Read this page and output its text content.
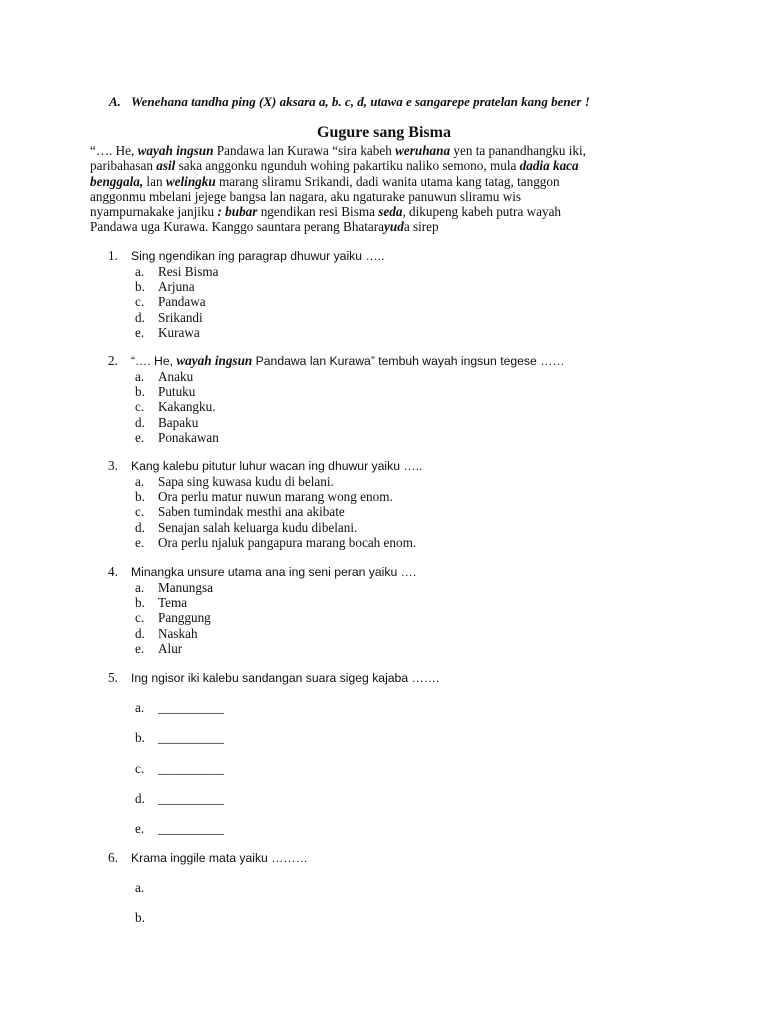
A. Wenehana tandha ping (X) aksara a, b. c, d, utawa e sangarepe pratelan kang bener !
Gugure sang Bisma
“…. He, wayah ingsun Pandawa lan Kurawa “sira kabeh weruhana yen ta panandhangku iki,
paribahasan asil saka anggonku ngunduh wohing pakartiku naliko semono, mula dadia kaca
benggala, lan welingku marang sliramu Srikandi, dadi wanita utama kang tatag, tanggon
anggonmu mbelani jejege bangsa lan nagara, aku ngaturake panuwun sliramu wis
nyampurnakake janjiku : bubar ngendikan resi Bisma seda, dikupeng kabeh putra wayah
Pandawa uga Kurawa. Kanggo sauntara perang Bhatarayuda sirep
1. Sing ngendikan ing paragrap dhuwur yaiku …..
a. Resi Bisma
b. Arjuna
c. Pandawa
d. Srikandi
e. Kurawa
2. “…. He, wayah ingsun Pandawa lan Kurawa” tembuh wayah ingsun tegese ……
a. Anaku
b. Putuku
c. Kakangku.
d. Bapaku
e. Ponakawan
3. Kang kalebu pitutur luhur wacan ing dhuwur yaiku …..
a. Sapa sing kuwasa kudu di belani.
b. Ora perlu matur nuwun marang wong enom.
c. Saben tumindak mesthi ana akibate
d. Senajan salah keluarga kudu dibelani.
e. Ora perlu njaluk pangapura marang bocah enom.
4. Minangka unsure utama ana ing seni peran yaiku ….
a. Manungsa
b. Tema
c. Panggung
d. Naskah
e. Alur
5. Ing ngisor iki kalebu sandangan suara sigeg kajaba …….
a. __________
b. __________
c. __________
d. __________
e. __________
6. Krama inggile mata yaiku ………
a.
b.
